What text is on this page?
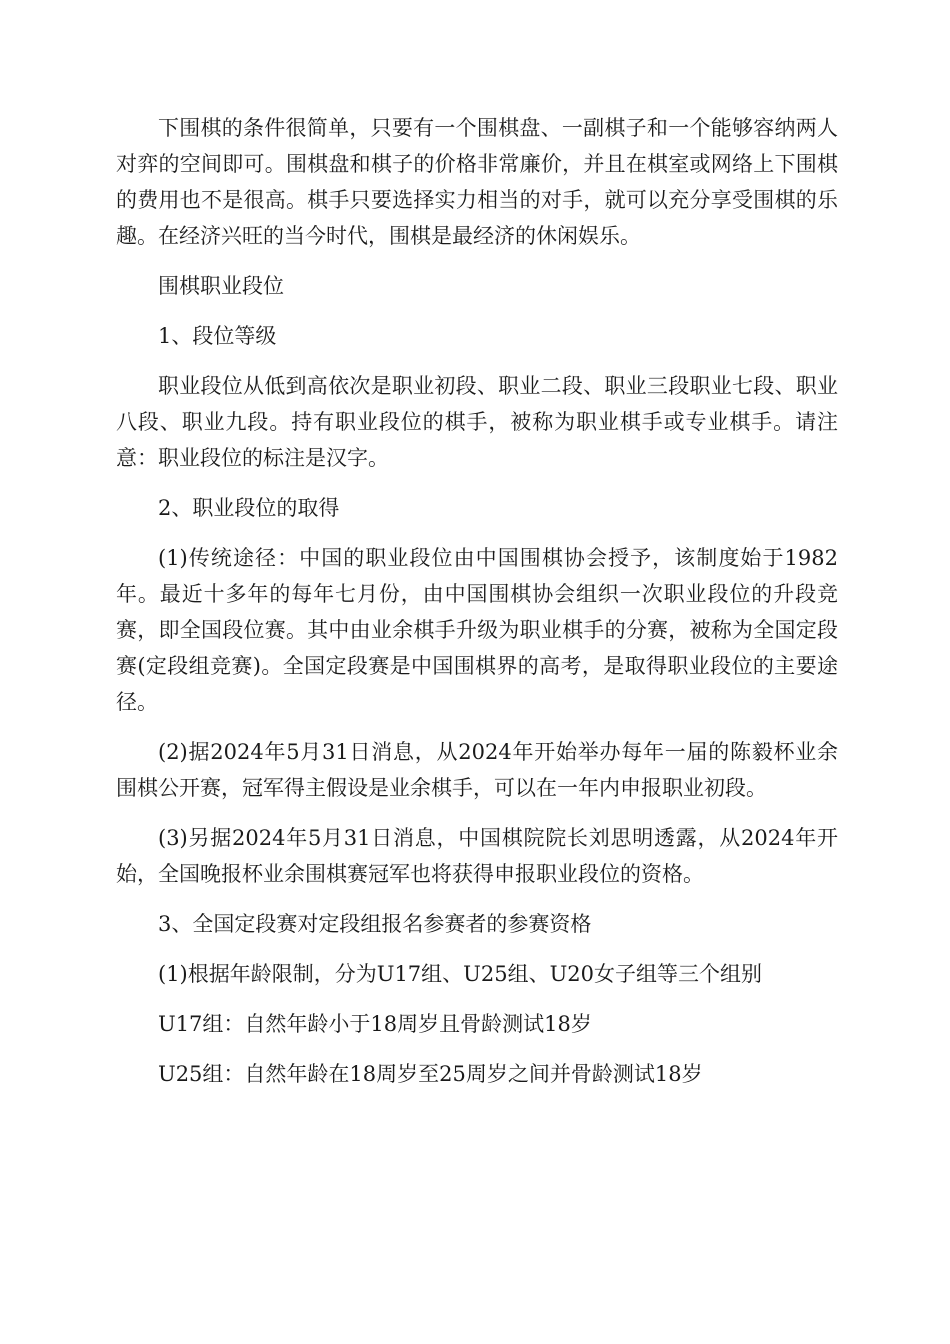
下围棋的条件很简单，只要有一个围棋盘、一副棋子和一个能够容纳两人对弈的空间即可。围棋盘和棋子的价格非常廉价，并且在棋室或网络上下围棋的费用也不是很高。棋手只要选择实力相当的对手，就可以充分享受围棋的乐趣。在经济兴旺的当今时代，围棋是最经济的休闲娱乐。

围棋职业段位

1、段位等级

职业段位从低到高依次是职业初段、职业二段、职业三段职业七段、职业八段、职业九段。持有职业段位的棋手，被称为职业棋手或专业棋手。请注意：职业段位的标注是汉字。

2、职业段位的取得

(1)传统途径：中国的职业段位由中国围棋协会授予，该制度始于1982年。最近十多年的每年七月份，由中国围棋协会组织一次职业段位的升段竞赛，即全国段位赛。其中由业余棋手升级为职业棋手的分赛，被称为全国定段赛(定段组竞赛)。全国定段赛是中国围棋界的高考，是取得职业段位的主要途径。

(2)据2024年5月31日消息，从2024年开始举办每年一届的陈毅杯业余围棋公开赛，冠军得主假设是业余棋手，可以在一年内申报职业初段。

(3)另据2024年5月31日消息，中国棋院院长刘思明透露，从2024年开始，全国晚报杯业余围棋赛冠军也将获得申报职业段位的资格。

3、全国定段赛对定段组报名参赛者的参赛资格

(1)根据年龄限制，分为U17组、U25组、U20女子组等三个组别

U17组：自然年龄小于18周岁且骨龄测试18岁

U25组：自然年龄在18周岁至25周岁之间并骨龄测试18岁
